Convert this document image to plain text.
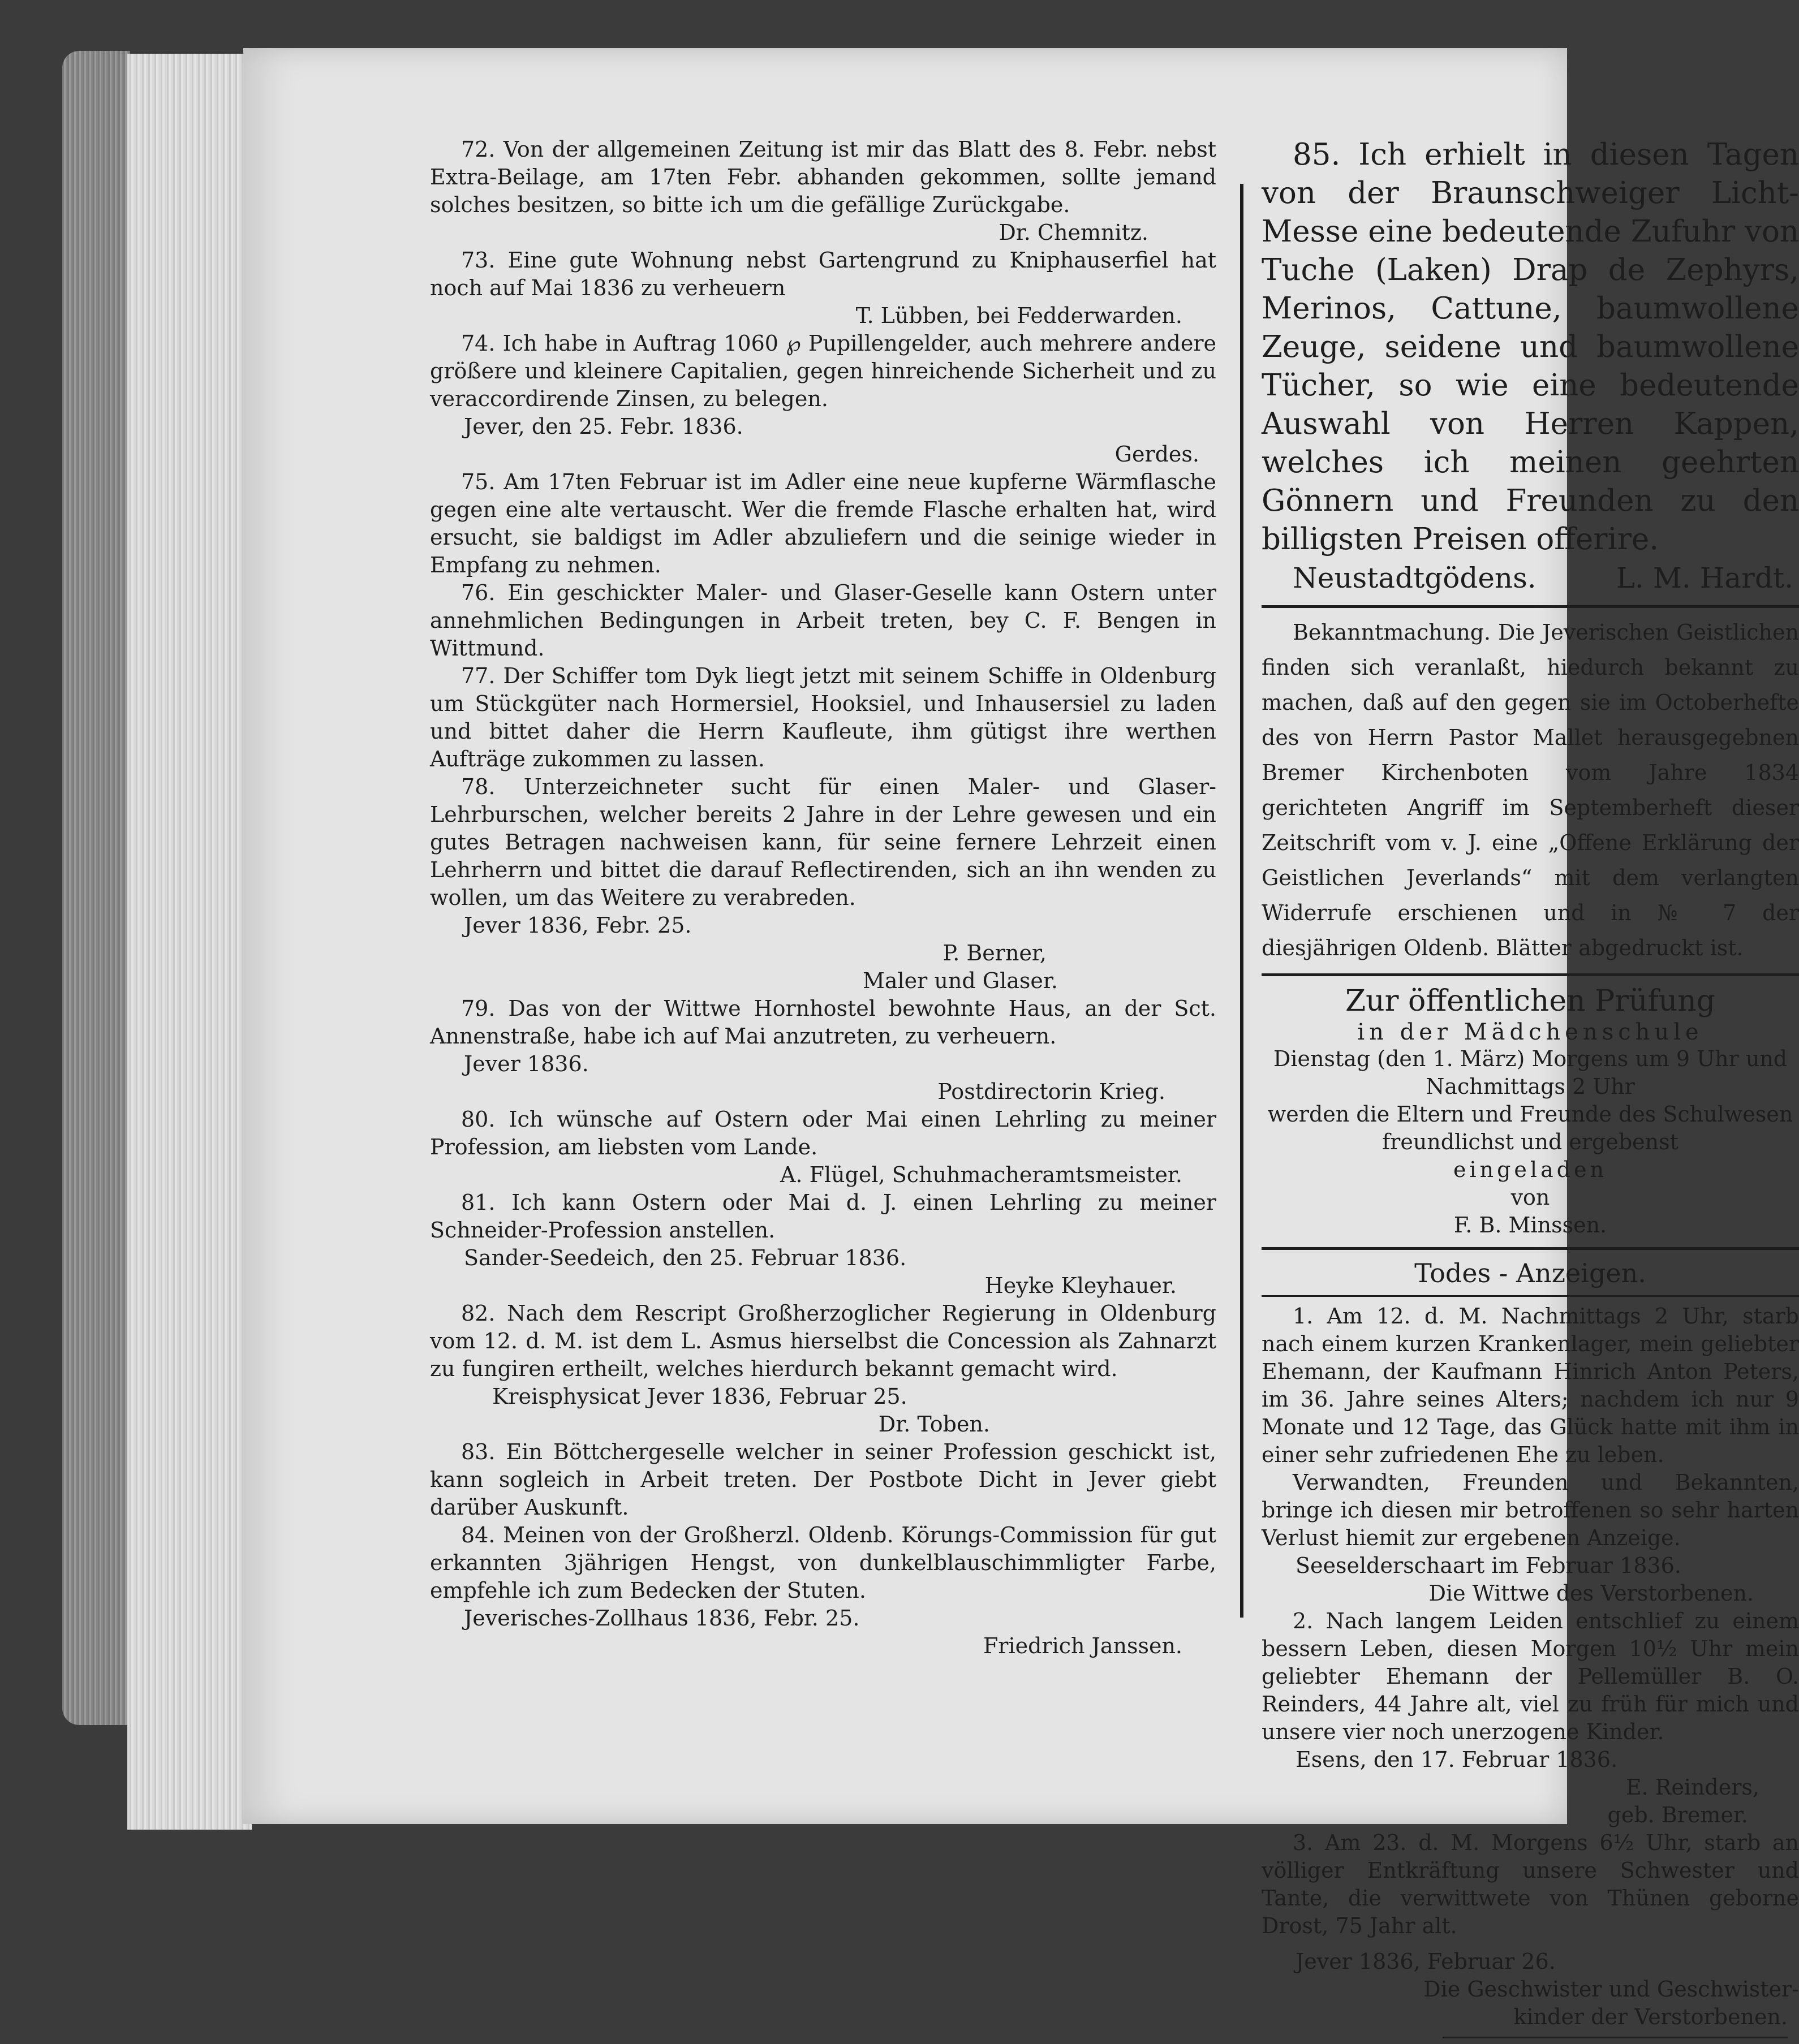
72. Von der allgemeinen Zeitung ist mir das Blatt des 8. Febr. nebst Extra-Beilage, am 17ten Febr. abhanden gekommen, sollte jemand solches besitzen, so bitte ich um die gefällige Zurückgabe.

Dr. Chemnitz.

73. Eine gute Wohnung nebst Gartengrund zu Kniphauserfiel hat noch auf Mai 1836 zu verheuern

T. Lübben, bei Fedderwarden.

74. Ich habe in Auftrag 1060 ℘ Pupillengelder, auch mehrere andere größere und kleinere Capitalien, gegen hinreichende Sicherheit und zu veraccordirende Zinsen, zu belegen.

Jever, den 25. Febr. 1836.
Gerdes.

75. Am 17ten Februar ist im Adler eine neue kupferne Wärmflasche gegen eine alte vertauscht. Wer die fremde Flasche erhalten hat, wird ersucht, sie baldigst im Adler abzuliefern und die seinige wieder in Empfang zu nehmen.

76. Ein geschickter Maler- und Glaser-Geselle kann Ostern unter annehmlichen Bedingungen in Arbeit treten, bey C. F. Bengen in Wittmund.

77. Der Schiffer tom Dyk liegt jetzt mit seinem Schiffe in Oldenburg um Stückgüter nach Hormersiel, Hooksiel, und Inhausersiel zu laden und bittet daher die Herrn Kaufleute, ihm gütigst ihre werthen Aufträge zukommen zu lassen.

78. Unterzeichneter sucht für einen Maler- und Glaser-Lehrburschen, welcher bereits 2 Jahre in der Lehre gewesen und ein gutes Betragen nachweisen kann, für seine fernere Lehrzeit einen Lehrherrn und bittet die darauf Reflectirenden, sich an ihn wenden zu wollen, um das Weitere zu verabreden.

Jever 1836, Febr. 25.
P. Berner,
Maler und Glaser.

79. Das von der Wittwe Hornhostel bewohnte Haus, an der Sct. Annenstraße, habe ich auf Mai anzutreten, zu verheuern.

Jever 1836.
Postdirectorin Krieg.

80. Ich wünsche auf Ostern oder Mai einen Lehrling zu meiner Profession, am liebsten vom Lande.

A. Flügel, Schuhmacheramtsmeister.

81. Ich kann Ostern oder Mai d. J. einen Lehrling zu meiner Schneider-Profession anstellen.

Sander-Seedeich, den 25. Februar 1836.
Heyke Kleyhauer.

82. Nach dem Rescript Großherzoglicher Regierung in Oldenburg vom 12. d. M. ist dem L. Asmus hierselbst die Concession als Zahnarzt zu fungiren ertheilt, welches hierdurch bekannt gemacht wird.

Kreisphysicat Jever 1836, Februar 25.
Dr. Toben.

83. Ein Böttchergeselle welcher in seiner Profession geschickt ist, kann sogleich in Arbeit treten. Der Postbote Dicht in Jever giebt darüber Auskunft.

84. Meinen von der Großherzl. Oldenb. Körungs-Commission für gut erkannten 3jährigen Hengst, von dunkelblauschimmligter Farbe, empfehle ich zum Bedecken der Stuten.

Jeverisches-Zollhaus 1836, Febr. 25.
Friedrich Janssen.

85. Ich erhielt in diesen Tagen von der Braunschweiger Licht-Messe eine bedeutende Zufuhr von Tuche (Laken) Drap de Zephyrs, Merinos, Cattune, baumwollene Zeuge, seidene und baumwollene Tücher, so wie eine bedeutende Auswahl von Herren Kappen, welches ich meinen geehrten Gönnern und Freunden zu den billigsten Preisen offerire.

Neustadtgödens.	L. M. Hardt.

Bekanntmachung. Die Jeverischen Geistlichen finden sich veranlaßt, hiedurch bekannt zu machen, daß auf den gegen sie im Octoberhefte des von Herrn Pastor Mallet herausgegebnen Bremer Kirchenboten vom Jahre 1834 gerichteten Angriff im Septemberheft dieser Zeitschrift vom v. J. eine „Offene Erklärung der Geistlichen Jeverlands“ mit dem verlangten Widerrufe erschienen und in № 7 der diesjährigen Oldenb. Blätter abgedruckt ist.

Zur öffentlichen Prüfung
in der Mädchenschule
Dienstag (den 1. März) Morgens um 9 Uhr und
Nachmittags 2 Uhr
werden die Eltern und Freunde des Schulwesen
freundlichst und ergebenst
eingeladen
von
F. B. Minssen.
Todes - Anzeigen.

1. Am 12. d. M. Nachmittags 2 Uhr, starb nach einem kurzen Krankenlager, mein geliebter Ehemann, der Kaufmann Hinrich Anton Peters, im 36. Jahre seines Alters; nachdem ich nur 9 Monate und 12 Tage, das Glück hatte mit ihm in einer sehr zufriedenen Ehe zu leben.

Verwandten, Freunden und Bekannten, bringe ich diesen mir betroffenen so sehr harten Verlust hiemit zur ergebenen Anzeige.

Seeselderschaart im Februar 1836.
Die Wittwe des Verstorbenen.

2. Nach langem Leiden entschlief zu einem bessern Leben, diesen Morgen 10½ Uhr mein geliebter Ehemann der Pellemüller B. O. Reinders, 44 Jahre alt, viel zu früh für mich und unsere vier noch unerzogene Kinder.

Esens, den 17. Februar 1836.
E. Reinders,
geb. Bremer.

3. Am 23. d. M. Morgens 6½ Uhr, starb an völliger Entkräftung unsere Schwester und Tante, die verwittwete von Thünen geborne Drost, 75 Jahr alt.

Jever 1836, Februar 26.
Die Geschwister und Geschwister-
kinder der Verstorbenen.
